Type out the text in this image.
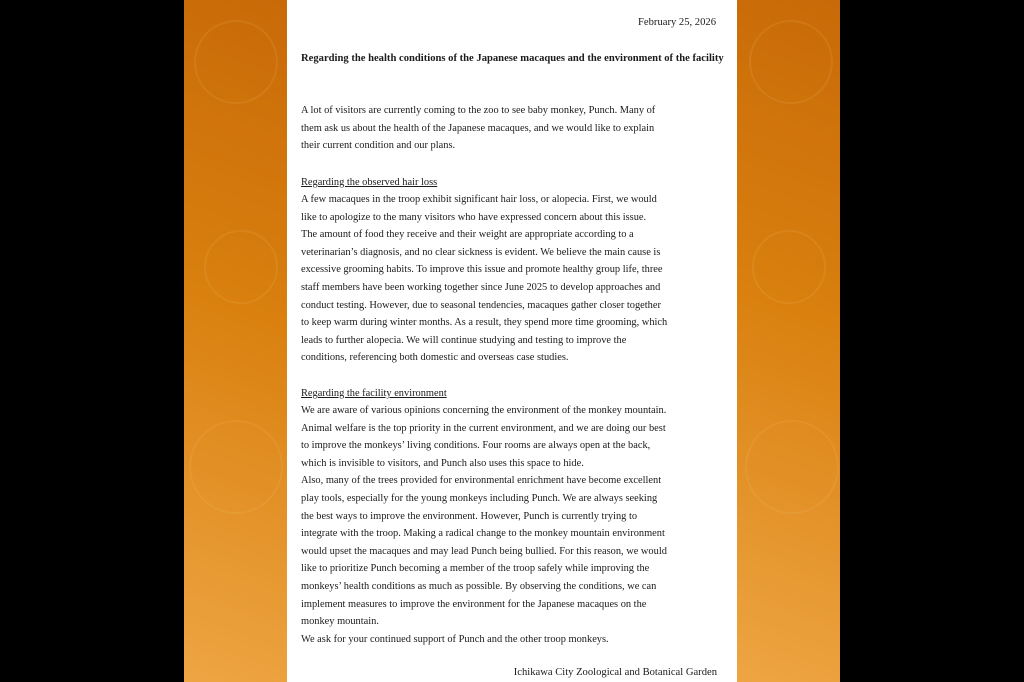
February 25, 2026
Regarding the health conditions of the Japanese macaques and the environment of the facility
A lot of visitors are currently coming to the zoo to see baby monkey, Punch. Many of
them ask us about the health of the Japanese macaques, and we would like to explain
their current condition and our plans.
Regarding the observed hair loss
A few macaques in the troop exhibit significant hair loss, or alopecia. First, we would
like to apologize to the many visitors who have expressed concern about this issue.
The amount of food they receive and their weight are appropriate according to a
veterinarian’s diagnosis, and no clear sickness is evident. We believe the main cause is
excessive grooming habits. To improve this issue and promote healthy group life, three
staff members have been working together since June 2025 to develop approaches and
conduct testing. However, due to seasonal tendencies, macaques gather closer together
to keep warm during winter months. As a result, they spend more time grooming, which
leads to further alopecia. We will continue studying and testing to improve the
conditions, referencing both domestic and overseas case studies.
Regarding the facility environment
We are aware of various opinions concerning the environment of the monkey mountain.
Animal welfare is the top priority in the current environment, and we are doing our best
to improve the monkeys’ living conditions. Four rooms are always open at the back,
which is invisible to visitors, and Punch also uses this space to hide.
Also, many of the trees provided for environmental enrichment have become excellent
play tools, especially for the young monkeys including Punch. We are always seeking
the best ways to improve the environment. However, Punch is currently trying to
integrate with the troop. Making a radical change to the monkey mountain environment
would upset the macaques and may lead Punch being bullied. For this reason, we would
like to prioritize Punch becoming a member of the troop safely while improving the
monkeys’ health conditions as much as possible. By observing the conditions, we can
implement measures to improve the environment for the Japanese macaques on the
monkey mountain.
We ask for your continued support of Punch and the other troop monkeys.
Ichikawa City Zoological and Botanical Garden
